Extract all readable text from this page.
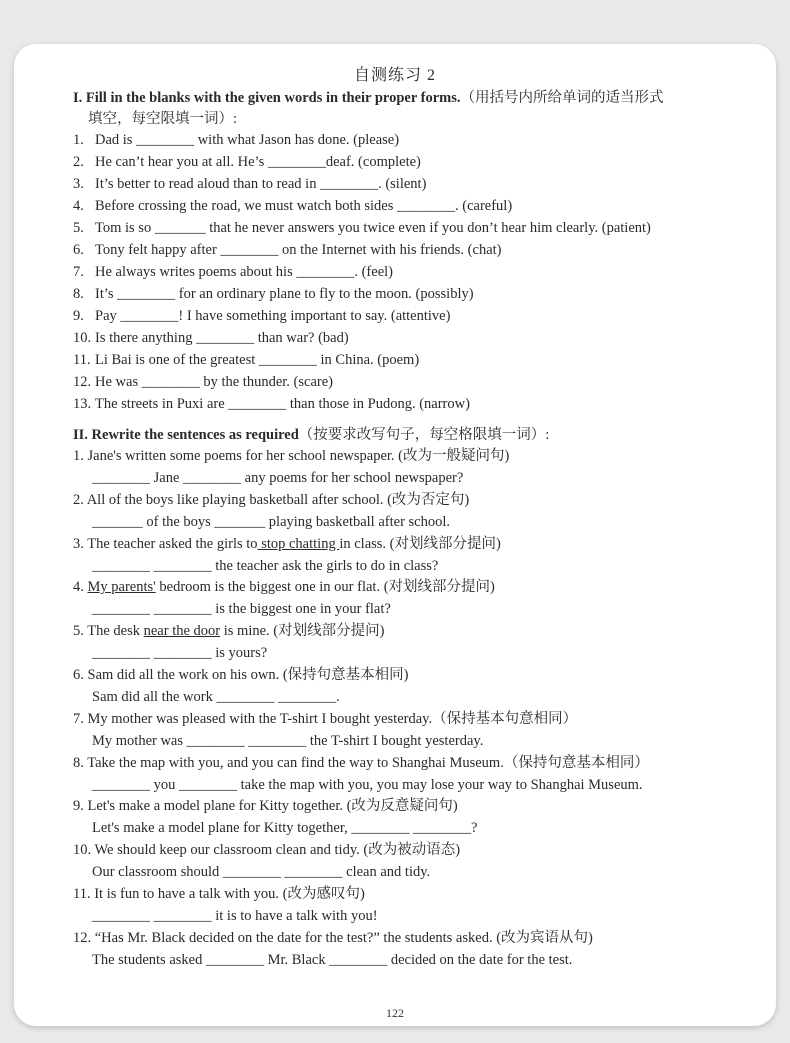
自测练习 2
I. Fill in the blanks with the given words in their proper forms.（用括号内所给单词的适当形式
填空，每空限填一词）:
1. Dad is ________ with what Jason has done. (please)
2. He can’t hear you at all. He’s ________deaf. (complete)
3. It’s better to read aloud than to read in ________. (silent)
4. Before crossing the road, we must watch both sides ________. (careful)
5. Tom is so _______ that he never answers you twice even if you don’t hear him clearly. (patient)
6. Tony felt happy after ________ on the Internet with his friends. (chat)
7. He always writes poems about his ________. (feel)
8. It’s ________ for an ordinary plane to fly to the moon. (possibly)
9. Pay ________! I have something important to say. (attentive)
10. Is there anything ________ than war? (bad)
11. Li Bai is one of the greatest ________ in China. (poem)
12. He was ________ by the thunder. (scare)
13. The streets in Puxi are ________ than those in Pudong. (narrow)
II. Rewrite the sentences as required（按要求改写句子，每空格限填一词）:
1. Jane's written some poems for her school newspaper. (改为一般疑问句)
________ Jane ________ any poems for her school newspaper?
2. All of the boys like playing basketball after school. (改为否定句)
_______ of the boys _______ playing basketball after school.
3. The teacher asked the girls to stop chatting in class. (对划线部分提问)
________ ________ the teacher ask the girls to do in class?
4. My parents' bedroom is the biggest one in our flat. (对划线部分提问)
________ ________ is the biggest one in your flat?
5. The desk near the door is mine. (对划线部分提问)
________ ________ is yours?
6. Sam did all the work on his own. (保持句意基本相同)
Sam did all the work ________ ________.
7. My mother was pleased with the T-shirt I bought yesterday.（保持基本句意相同）
My mother was ________ ________ the T-shirt I bought yesterday.
8. Take the map with you, and you can find the way to Shanghai Museum.（保持句意基本相同）
________ you ________ take the map with you, you may lose your way to Shanghai Museum.
9. Let's make a model plane for Kitty together. (改为反意疑问句)
Let's make a model plane for Kitty together, ________ ________?
10. We should keep our classroom clean and tidy. (改为被动语态)
Our classroom should ________ ________ clean and tidy.
11. It is fun to have a talk with you. (改为感叹句)
________ ________ it is to have a talk with you!
12. “Has Mr. Black decided on the date for the test?” the students asked. (改为宾语从句)
The students asked ________ Mr. Black ________ decided on the date for the test.
122
